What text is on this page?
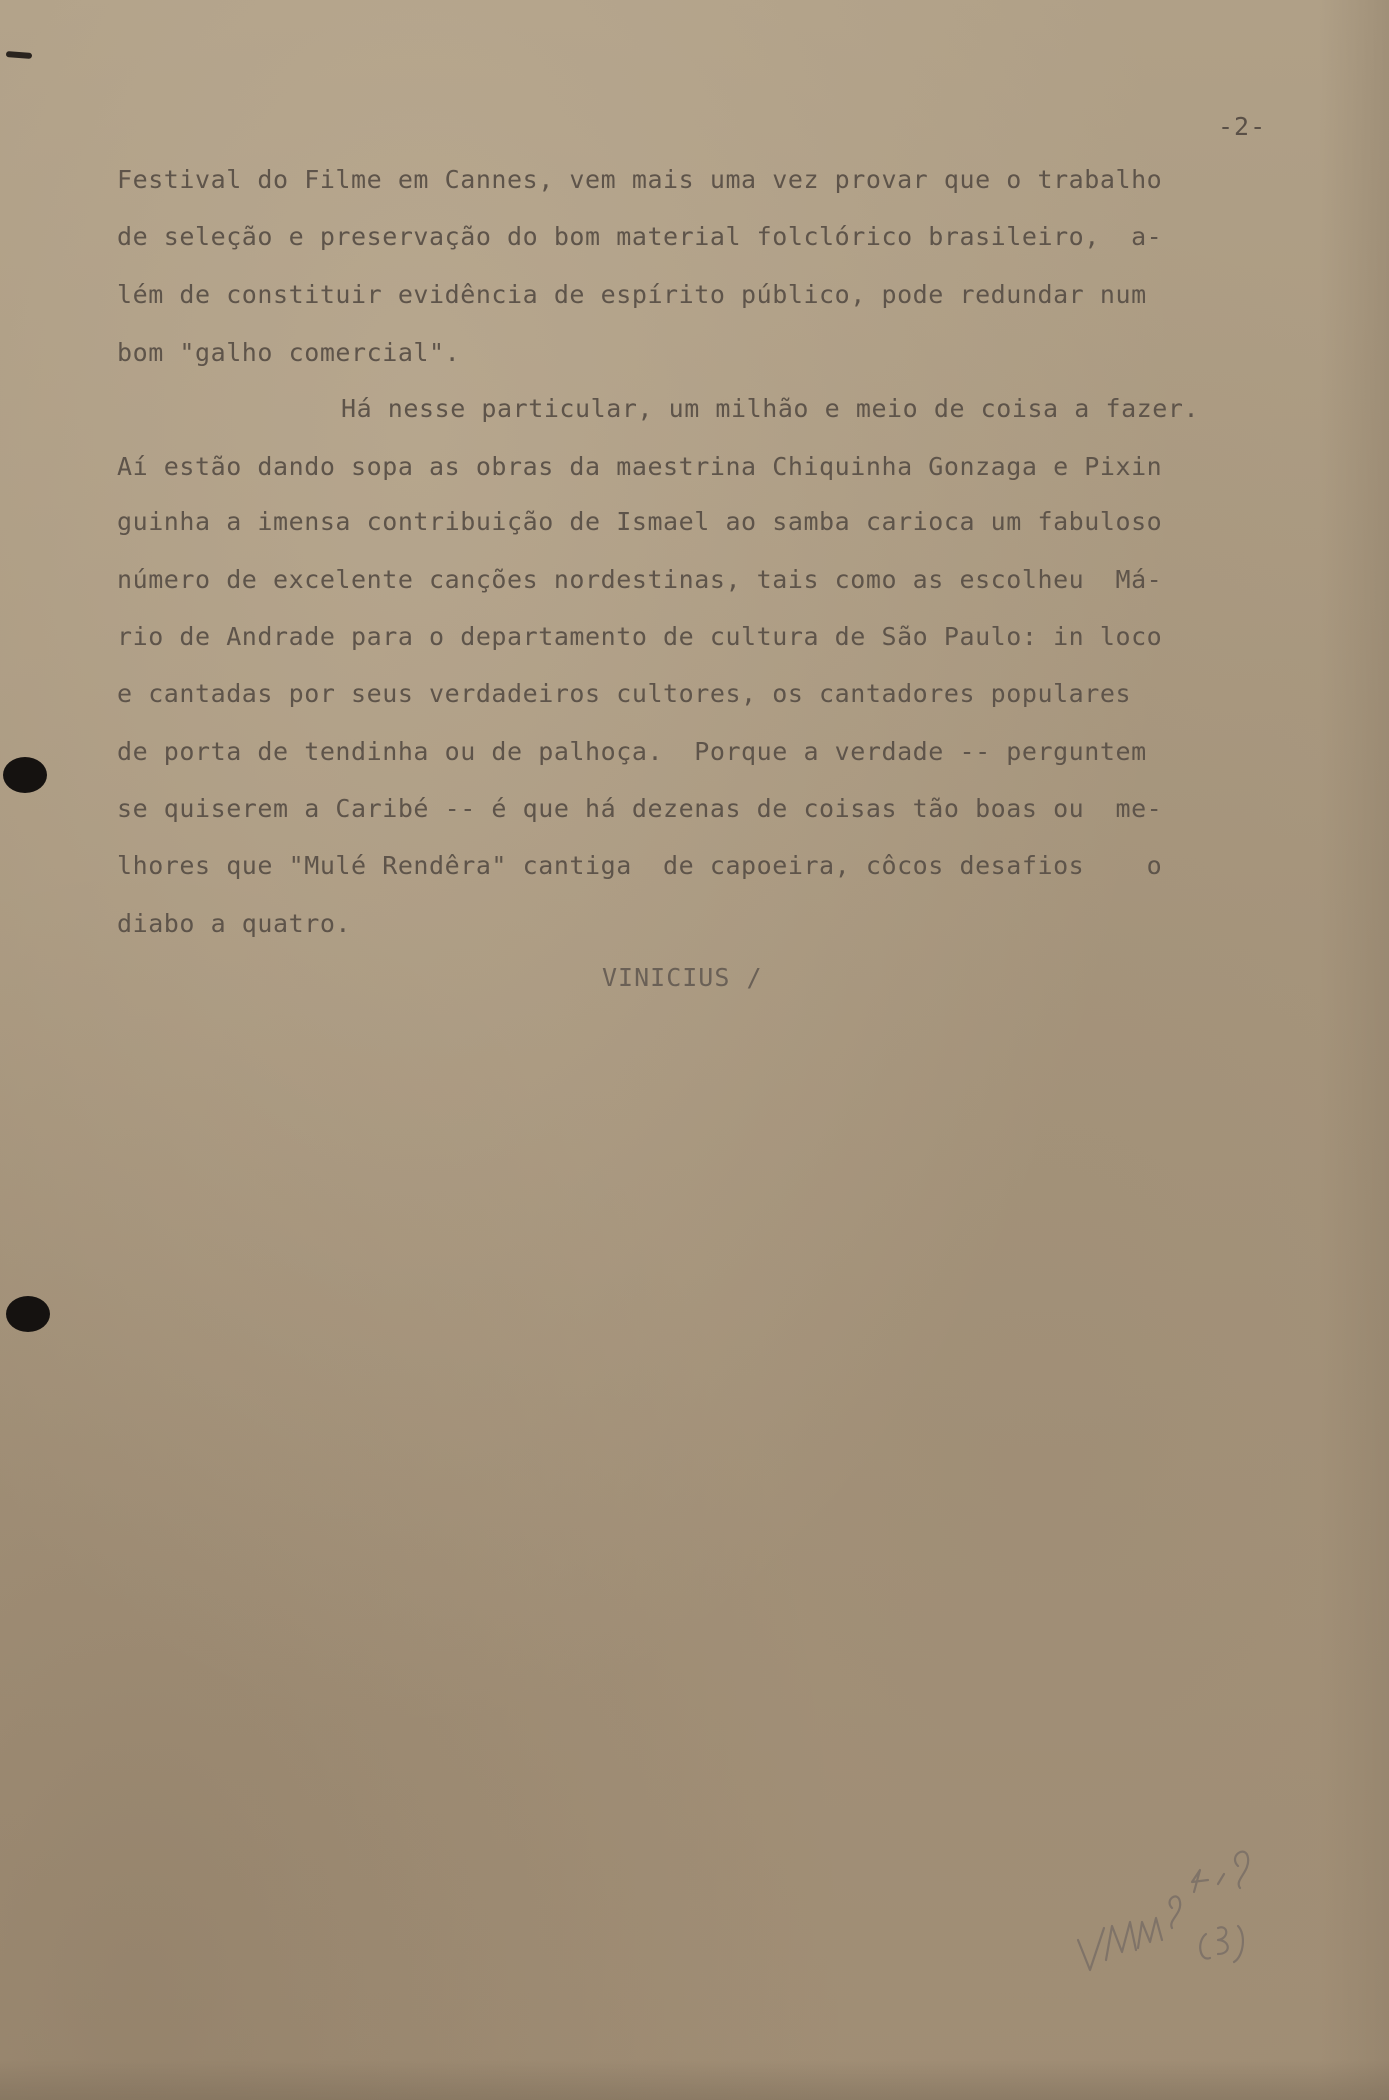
-2-
Festival do Filme em Cannes, vem mais uma vez provar que o trabalho
de seleção e preservação do bom material folclórico brasileiro,  a-
lém de constituir evidência de espírito público, pode redundar num
bom "galho comercial".
Há nesse particular, um milhão e meio de coisa a fazer.
Aí estão dando sopa as obras da maestrina Chiquinha Gonzaga e Pixin
guinha a imensa contribuição de Ismael ao samba carioca um fabuloso
número de excelente canções nordestinas, tais como as escolheu  Má-
rio de Andrade para o departamento de cultura de São Paulo: in loco
e cantadas por seus verdadeiros cultores, os cantadores populares
de porta de tendinha ou de palhoça.  Porque a verdade -- perguntem
se quiserem a Caribé -- é que há dezenas de coisas tão boas ou  me-
lhores que "Mulé Rendêra" cantiga  de capoeira, côcos desafios    o
diabo a quatro.
VINICIUS /
